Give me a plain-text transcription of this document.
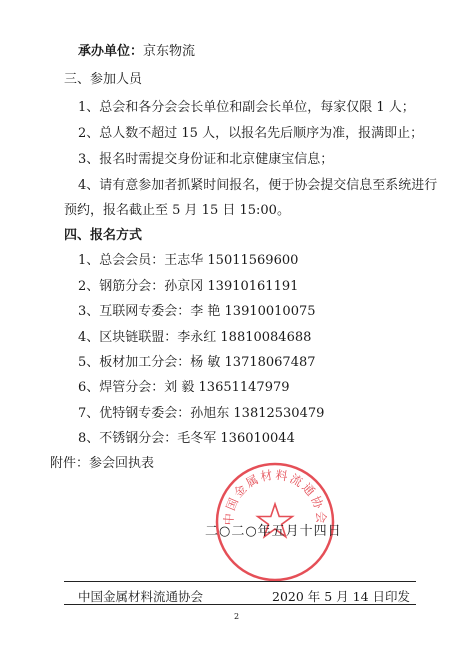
承办单位：京东物流
三、参加人员
1、总会和各分会会长单位和副会长单位，每家仅限 1 人；
2、总人数不超过 15 人，以报名先后顺序为准，报满即止；
3、报名时需提交身份证和北京健康宝信息；
4、请有意参加者抓紧时间报名，便于协会提交信息至系统进行
预约，报名截止至 5 月 15 日 15:00。
四、报名方式
1、总会会员：王志华 15011569600
2、钢筋分会：孙京冈 13910161191
3、互联网专委会：李 艳 13910010075
4、区块链联盟：李永红 18810084688
5、板材加工分会：杨 敏 13718067487
6、焊管分会：刘 毅 13651147979
7、优特钢专委会：孙旭东 13812530479
8、不锈钢分会：毛冬军 136010044
附件：参会回执表
中国金属材料流通协会
二○二○年五月十四日
中国金属材料流通协会	2020 年 5 月 14 日印发
2
